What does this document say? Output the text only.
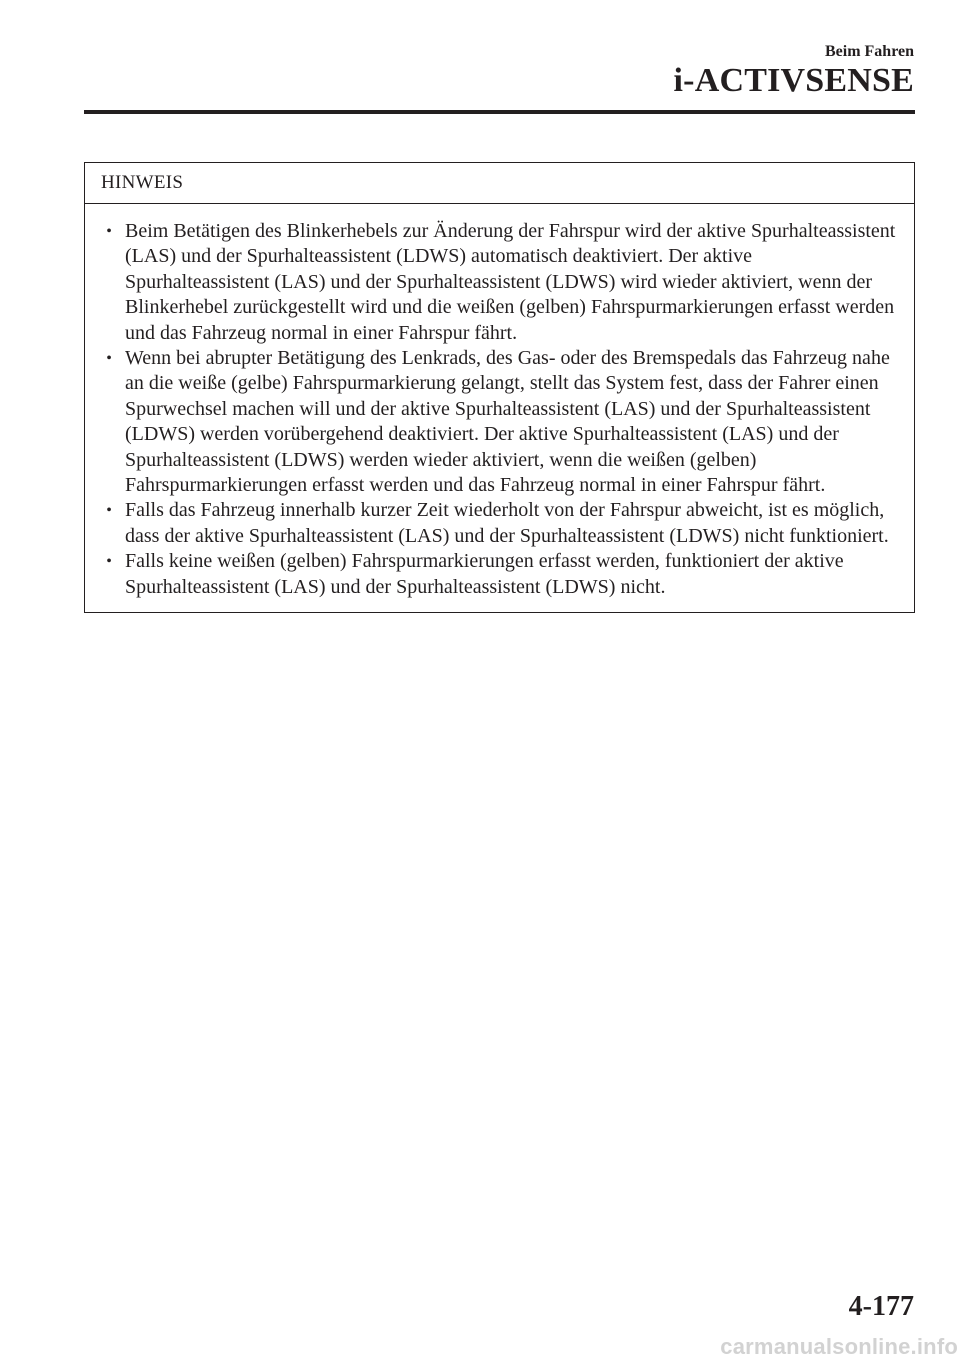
Beim Fahren
i-ACTIVSENSE
HINWEIS
• Beim Betätigen des Blinkerhebels zur Änderung der Fahrspur wird der aktive Spurhalteassistent (LAS) und der Spurhalteassistent (LDWS) automatisch deaktiviert. Der aktive Spurhalteassistent (LAS) und der Spurhalteassistent (LDWS) wird wieder aktiviert, wenn der Blinkerhebel zurückgestellt wird und die weißen (gelben) Fahrspurmarkierungen erfasst werden und das Fahrzeug normal in einer Fahrspur fährt.
• Wenn bei abrupter Betätigung des Lenkrads, des Gas- oder des Bremspedals das Fahrzeug nahe an die weiße (gelbe) Fahrspurmarkierung gelangt, stellt das System fest, dass der Fahrer einen Spurwechsel machen will und der aktive Spurhalteassistent (LAS) und der Spurhalteassistent (LDWS) werden vorübergehend deaktiviert. Der aktive Spurhalteassistent (LAS) und der Spurhalteassistent (LDWS) werden wieder aktiviert, wenn die weißen (gelben) Fahrspurmarkierungen erfasst werden und das Fahrzeug normal in einer Fahrspur fährt.
• Falls das Fahrzeug innerhalb kurzer Zeit wiederholt von der Fahrspur abweicht, ist es möglich, dass der aktive Spurhalteassistent (LAS) und der Spurhalteassistent (LDWS) nicht funktioniert.
• Falls keine weißen (gelben) Fahrspurmarkierungen erfasst werden, funktioniert der aktive Spurhalteassistent (LAS) und der Spurhalteassistent (LDWS) nicht.
4-177
carmanualsonline.info
